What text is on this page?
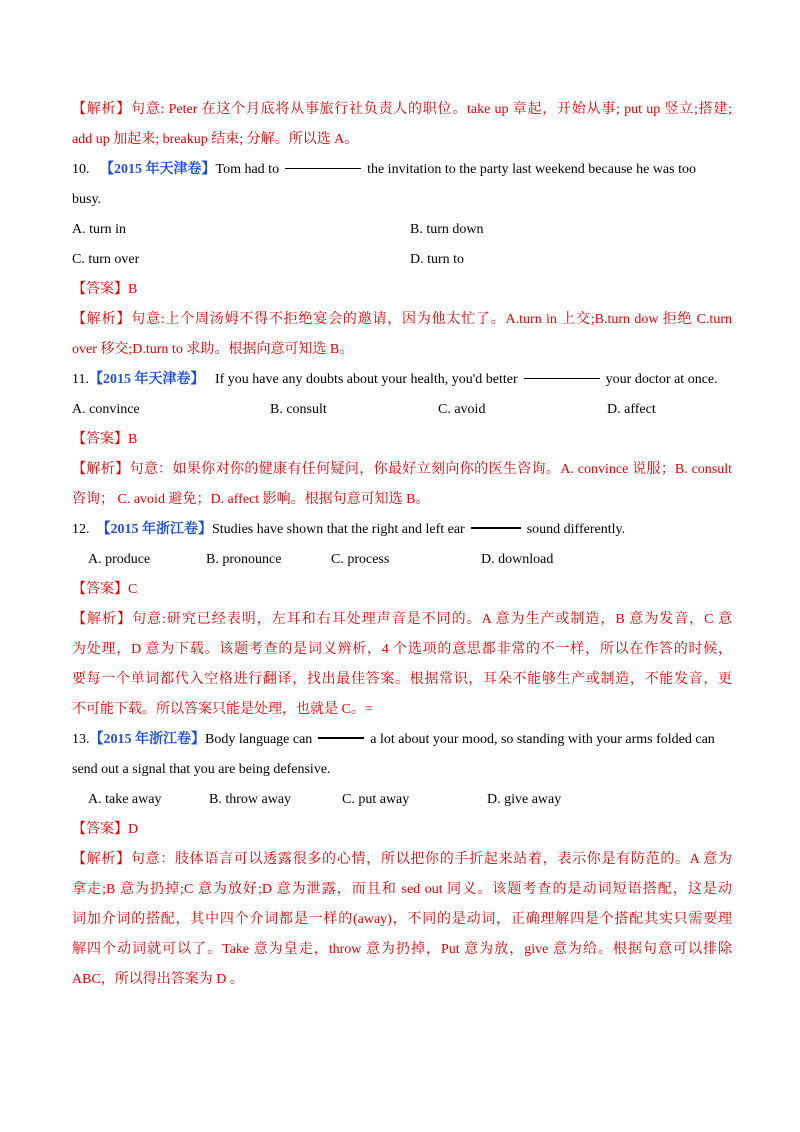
【解析】句意: Peter 在这个月底将从事旅行社负责人的职位。take up 章起，开始从事; put up 竖立;搭建;
add up 加起来; breakup 结束; 分解。所以选 A。
10. 【2015 年天津卷】Tom had to	the invitation to the party last weekend because he was too
busy.
A. turn in	B. turn down
C. turn over	D. turn to
【答案】B
【解析】句意:上个周汤姆不得不拒绝宴会的邀请，因为他太忙了。A.turn in 上交;B.turn dow 拒绝 C.turn
over 移交;D.turn to 求助。根据向意可知选 B。
11.【2015 年天津卷】 If you have any doubts about your health, you'd better	your doctor at once.
A. convince	B. consult	C. avoid	D. affect
【答案】B
【解析】句意：如果你对你的健康有任何疑问，你最好立刻向你的医生咨询。A. convince 说服；B. consult
咨询； C. avoid 避免；D. affect 影响。根据句意可知选 B。
12. 【2015 年浙江卷】Studies have shown that the right and left ear	sound differently.
A. produce	B. pronounce	C. process	D. download
【答案】C
【解析】句意:研究已经表明，左耳和右耳处理声音是不同的。A 意为生产或制造，B 意为发音，C 意
为处理，D 意为下载。该题考查的是词义辨析，4 个选项的意思都非常的不一样，所以在作答的时候，
要每一个单词都代入空格进行翻译，找出最佳答案。根据常识，耳朵不能够生产或制造，不能发音，更
不可能下载。所以答案只能是处理，也就是 C。=
13.【2015 年浙江卷】Body language can	a lot about your mood, so standing with your arms folded can
send out a signal that you are being defensive.
A. take away	B. throw away	C. put away	D. give away
【答案】D
【解析】句意：肢体语言可以透露很多的心情，所以把你的手折起来站着，表示你是有防范的。A 意为
拿走;B 意为扔掉;C 意为放好;D 意为泄露，而且和 sed out 同义。该题考查的是动词短语搭配，这是动
词加介词的搭配，其中四个介词都是一样的(away)，不同的是动词，正确理解四是个搭配其实只需要理
解四个动词就可以了。Take 意为皇走，throw 意为扔掉，Put 意为放，give 意为给。根据句意可以排除
ABC，所以得出答案为 D 。
